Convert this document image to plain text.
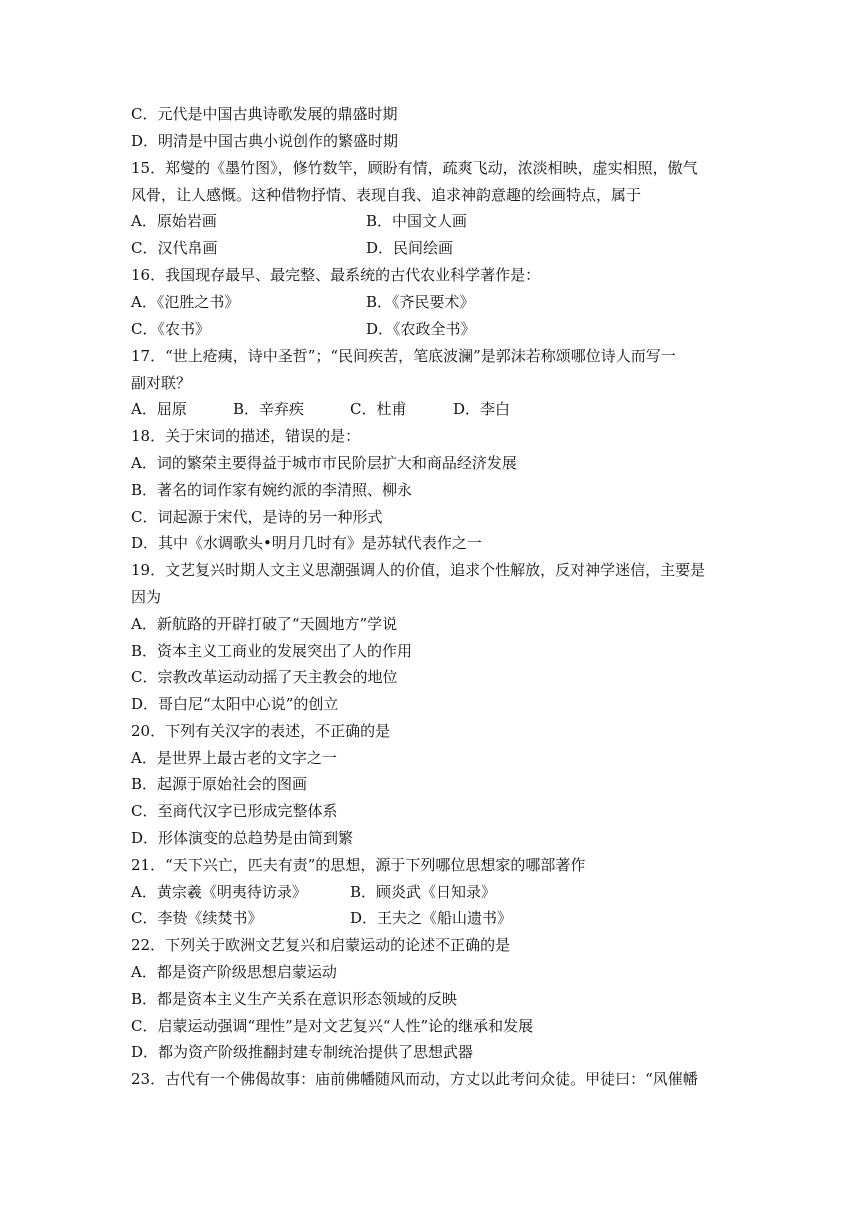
C．元代是中国古典诗歌发展的鼎盛时期
D．明清是中国古典小说创作的繁盛时期
15．郑燮的《墨竹图》，修竹数竿，顾盼有情，疏爽飞动，浓淡相映，虚实相照，傲气
风骨，让人感慨。这种借物抒情、表现自我、追求神韵意趣的绘画特点，属于
A．原始岩画	B．中国文人画
C．汉代帛画	D．民间绘画
16．我国现存最早、最完整、最系统的古代农业科学著作是：
A．《氾胜之书》	B．《齐民要术》
C．《农书》	D．《农政全书》
17．“世上疮痍，诗中圣哲”；“民间疾苦，笔底波澜”是郭沫若称颂哪位诗人而写一
副对联？
A．屈原	B．辛弃疾	C．杜甫	D．李白
18．关于宋词的描述，错误的是：
A．词的繁荣主要得益于城市市民阶层扩大和商品经济发展
B．著名的词作家有婉约派的李清照、柳永
C．词起源于宋代，是诗的另一种形式
D．其中《水调歌头•明月几时有》是苏轼代表作之一
19．文艺复兴时期人文主义思潮强调人的价值，追求个性解放，反对神学迷信，主要是
因为
A．新航路的开辟打破了“天圆地方”学说
B．资本主义工商业的发展突出了人的作用
C．宗教改革运动动摇了天主教会的地位
D．哥白尼“太阳中心说”的创立
20．下列有关汉字的表述，不正确的是
A．是世界上最古老的文字之一
B．起源于原始社会的图画
C．至商代汉字已形成完整体系
D．形体演变的总趋势是由简到繁
21．“天下兴亡，匹夫有责”的思想，源于下列哪位思想家的哪部著作
A．黄宗羲《明夷待访录》	B．顾炎武《日知录》
C．李贽《续焚书》	D．王夫之《船山遗书》
22．下列关于欧洲文艺复兴和启蒙运动的论述不正确的是
A．都是资产阶级思想启蒙运动
B．都是资本主义生产关系在意识形态领域的反映
C．启蒙运动强调“理性”是对文艺复兴“人性”论的继承和发展
D．都为资产阶级推翻封建专制统治提供了思想武器
23．古代有一个佛偈故事：庙前佛幡随风而动，方丈以此考问众徒。甲徒曰：“风催幡
